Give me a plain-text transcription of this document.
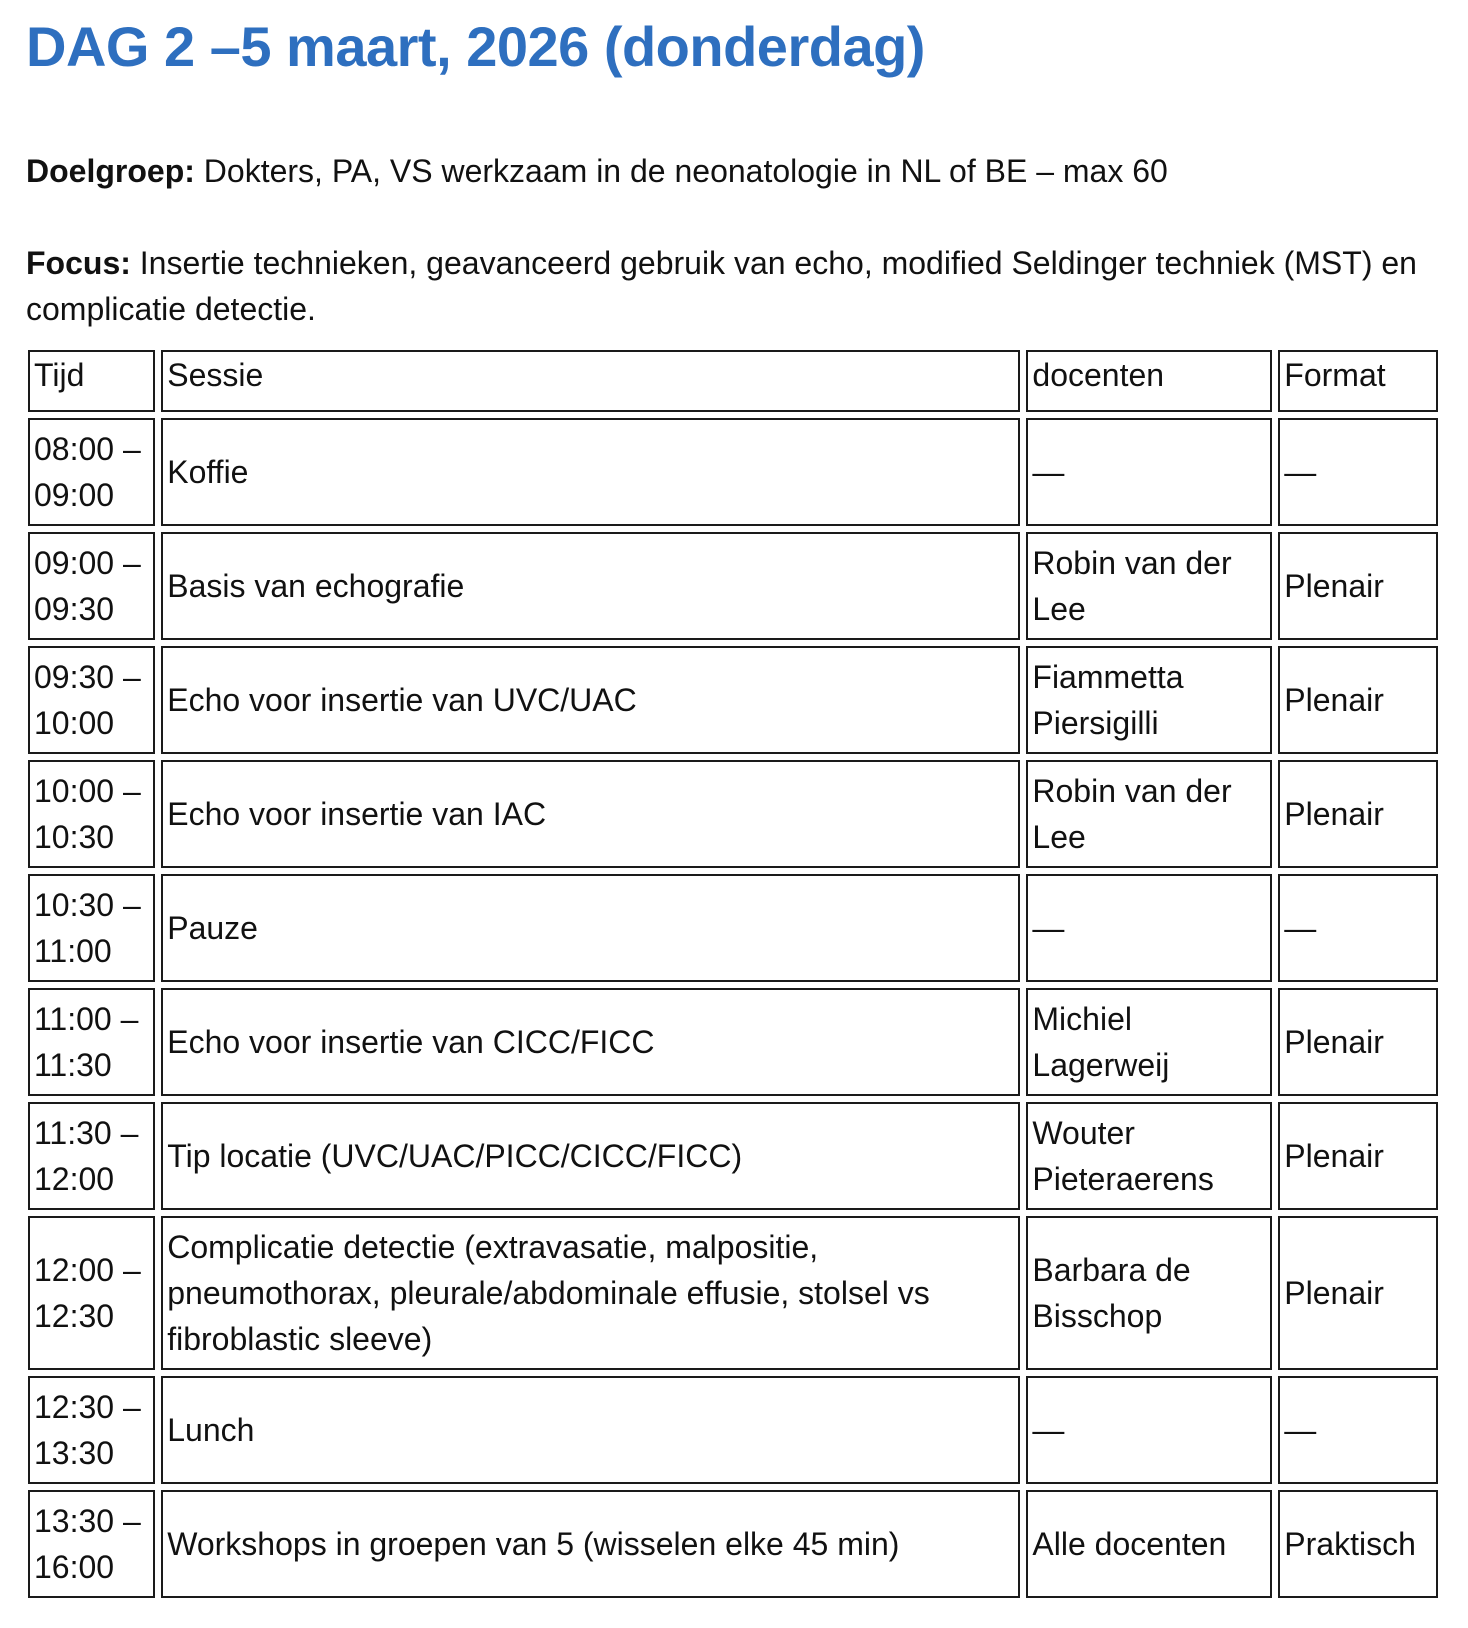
DAG 2 –5 maart, 2026 (donderdag)

Doelgroep: Dokters, PA, VS werkzaam in de neonatologie in NL of BE – max 60

Focus: Insertie technieken, geavanceerd gebruik van echo, modified Seldinger techniek (MST) en complicatie detectie.

Tijd	Sessie	docenten	Format
08:00 –
09:00	Koffie	—	—
09:00 –
09:30	Basis van echografie	Robin van der Lee	Plenair
09:30 –
10:00	Echo voor insertie van UVC/UAC	Fiammetta Piersigilli	Plenair
10:00 –
10:30	Echo voor insertie van IAC	Robin van der Lee	Plenair
10:30 –
11:00	Pauze	—	—
11:00 –
11:30	Echo voor insertie van CICC/FICC	Michiel Lagerweij	Plenair
11:30 –
12:00	Tip locatie (UVC/UAC/PICC/CICC/FICC)	Wouter Pieteraerens	Plenair
12:00 –
12:30	Complicatie detectie (extravasatie, malpositie, pneumothorax, pleurale/abdominale effusie, stolsel vs fibroblastic sleeve)	Barbara de Bisschop	Plenair
12:30 –
13:30	Lunch	—	—
13:30 –
16:00	Workshops in groepen van 5 (wisselen elke 45 min)	Alle docenten	Praktisch
